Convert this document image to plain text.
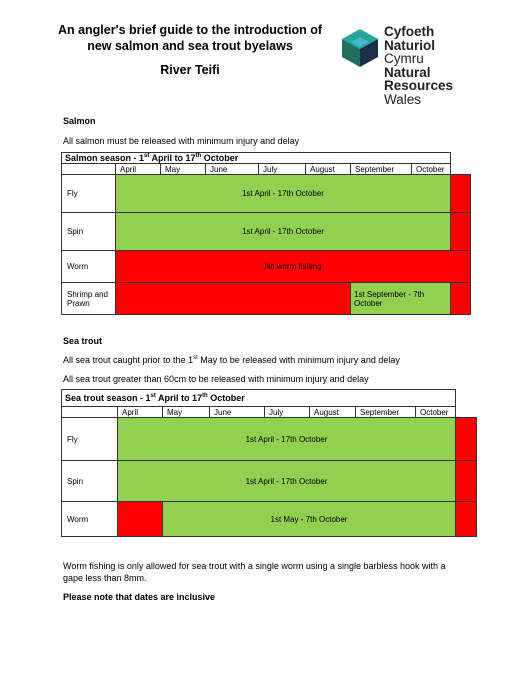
An angler's brief guide to the introduction of
new salmon and sea trout byelaws
River Teifi
Cyfoeth
Naturiol
Cymru
Natural
Resources
Wales
Salmon
All salmon must be released with minimum injury and delay
Salmon season - 1st April to 17th October								
	April	May	June	July	August	September	October	
Fly	1st April - 17th October							
Spin	1st April - 17th October							
Worm	No worm fishing							
Shrimp and Prawn						1st September - 7th October		
Sea trout
All sea trout caught prior to the 1st May to be released with minimum injury and delay
All sea trout greater than 60cm to be released with minimum injury and delay
Sea trout season - 1st April to 17th October								
	April	May	June	July	August	September	October	
Fly	1st April - 17th October							
Spin	1st April - 17th October							
Worm		1st May - 7th October						
Worm fishing is only allowed for sea trout with a single worm using a single barbless hook with a gape less than 8mm.
Please note that dates are inclusive
